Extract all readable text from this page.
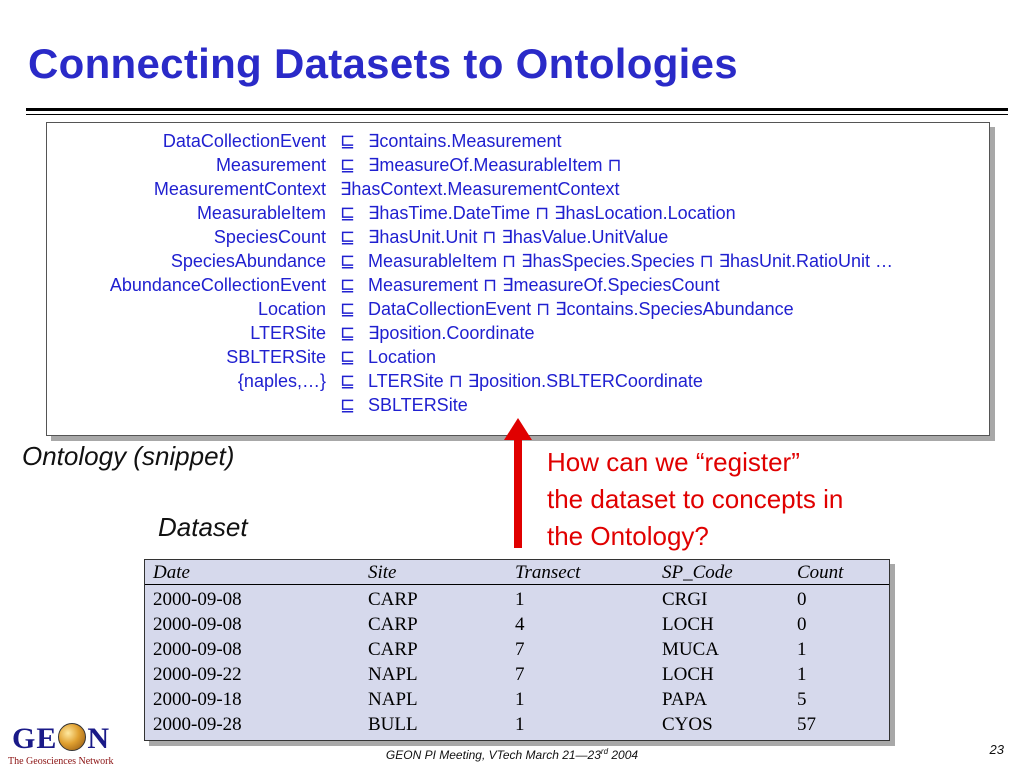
Connecting Datasets to Ontologies
DataCollectionEvent ⊑ ∃contains.Measurement
Measurement ⊑ ∃measureOf.MeasurableItem ⊓
MeasurementContext ∃hasContext.MeasurementContext
MeasurableItem ⊑ ∃hasTime.DateTime ⊓ ∃hasLocation.Location
SpeciesCount ⊑ ∃hasUnit.Unit ⊓ ∃hasValue.UnitValue
SpeciesAbundance ⊑ MeasurableItem ⊓ ∃hasSpecies.Species ⊓ ∃hasUnit.RatioUnit …
AbundanceCollectionEvent ⊑ Measurement ⊓ ∃measureOf.SpeciesCount
Location ⊑ DataCollectionEvent ⊓ ∃contains.SpeciesAbundance
LTERSite ⊑ ∃position.Coordinate
SBLTERSite ⊑ Location
{naples,…} ⊑ LTERSite ⊓ ∃position.SBLTERCoordinate
⊑ SBLTERSite
Ontology (snippet)
Dataset
How can we “register”
the dataset to concepts in
the Ontology?
Date	Site	Transect	SP_Code	Count
2000-09-08	CARP	1	CRGI	0
2000-09-08	CARP	4	LOCH	0
2000-09-08	CARP	7	MUCA	1
2000-09-22	NAPL	7	LOCH	1
2000-09-18	NAPL	1	PAPA	5
2000-09-28	BULL	1	CYOS	57
GE N
The Geosciences Network	GEON PI Meeting, VTech March 21—23rd 2004	23
